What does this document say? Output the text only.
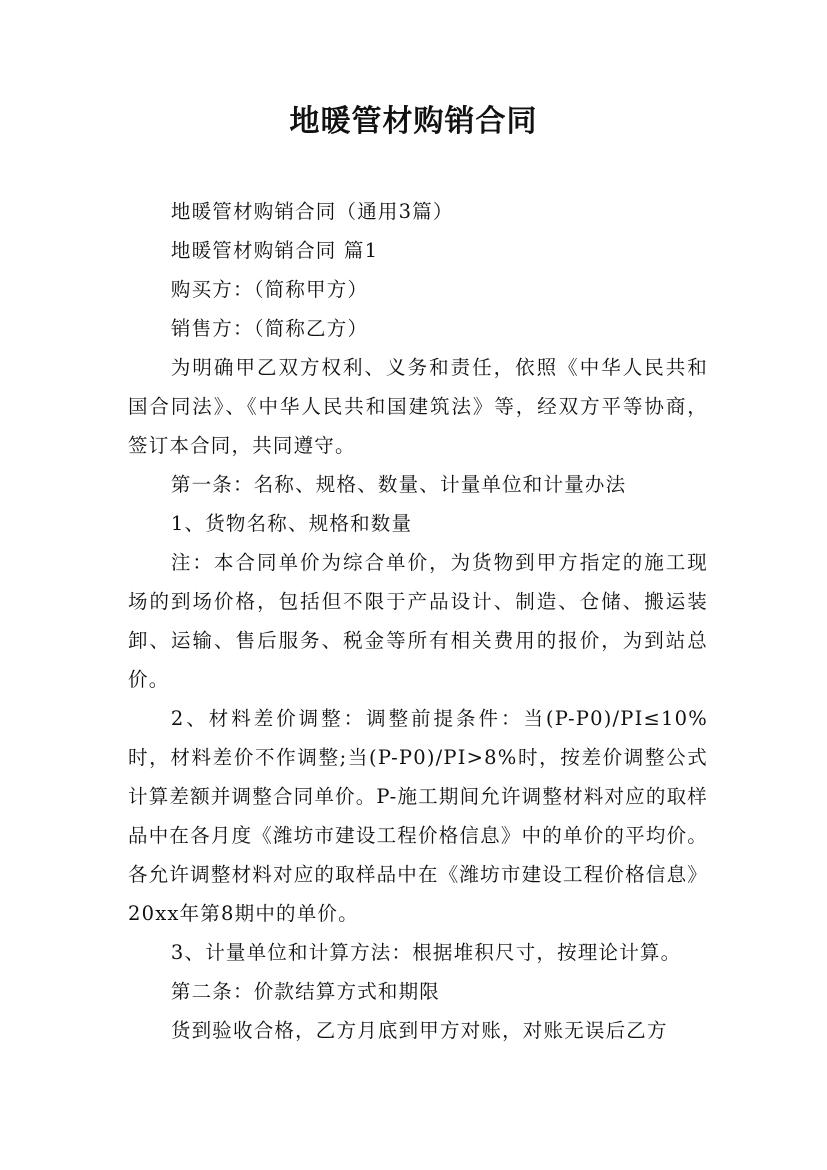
地暖管材购销合同

地暖管材购销合同（通用3篇）

地暖管材购销合同 篇1

购买方：（简称甲方）

销售方：（简称乙方）

为明确甲乙双方权利、义务和责任，依照《中华人民共和国合同法》、《中华人民共和国建筑法》等，经双方平等协商，签订本合同，共同遵守。

第一条：名称、规格、数量、计量单位和计量办法

1、货物名称、规格和数量

注：本合同单价为综合单价，为货物到甲方指定的施工现场的到场价格，包括但不限于产品设计、制造、仓储、搬运装卸、运输、售后服务、税金等所有相关费用的报价，为到站总价。

2、材料差价调整：调整前提条件：当(P-P0)/PI≤10%时，材料差价不作调整;当(P-P0)/PI>8%时，按差价调整公式计算差额并调整合同单价。P-施工期间允许调整材料对应的取样品中在各月度《潍坊市建设工程价格信息》中的单价的平均价。各允许调整材料对应的取样品中在《潍坊市建设工程价格信息》20xx年第8期中的单价。

3、计量单位和计算方法：根据堆积尺寸，按理论计算。

第二条：价款结算方式和期限

货到验收合格，乙方月底到甲方对账，对账无误后乙方
